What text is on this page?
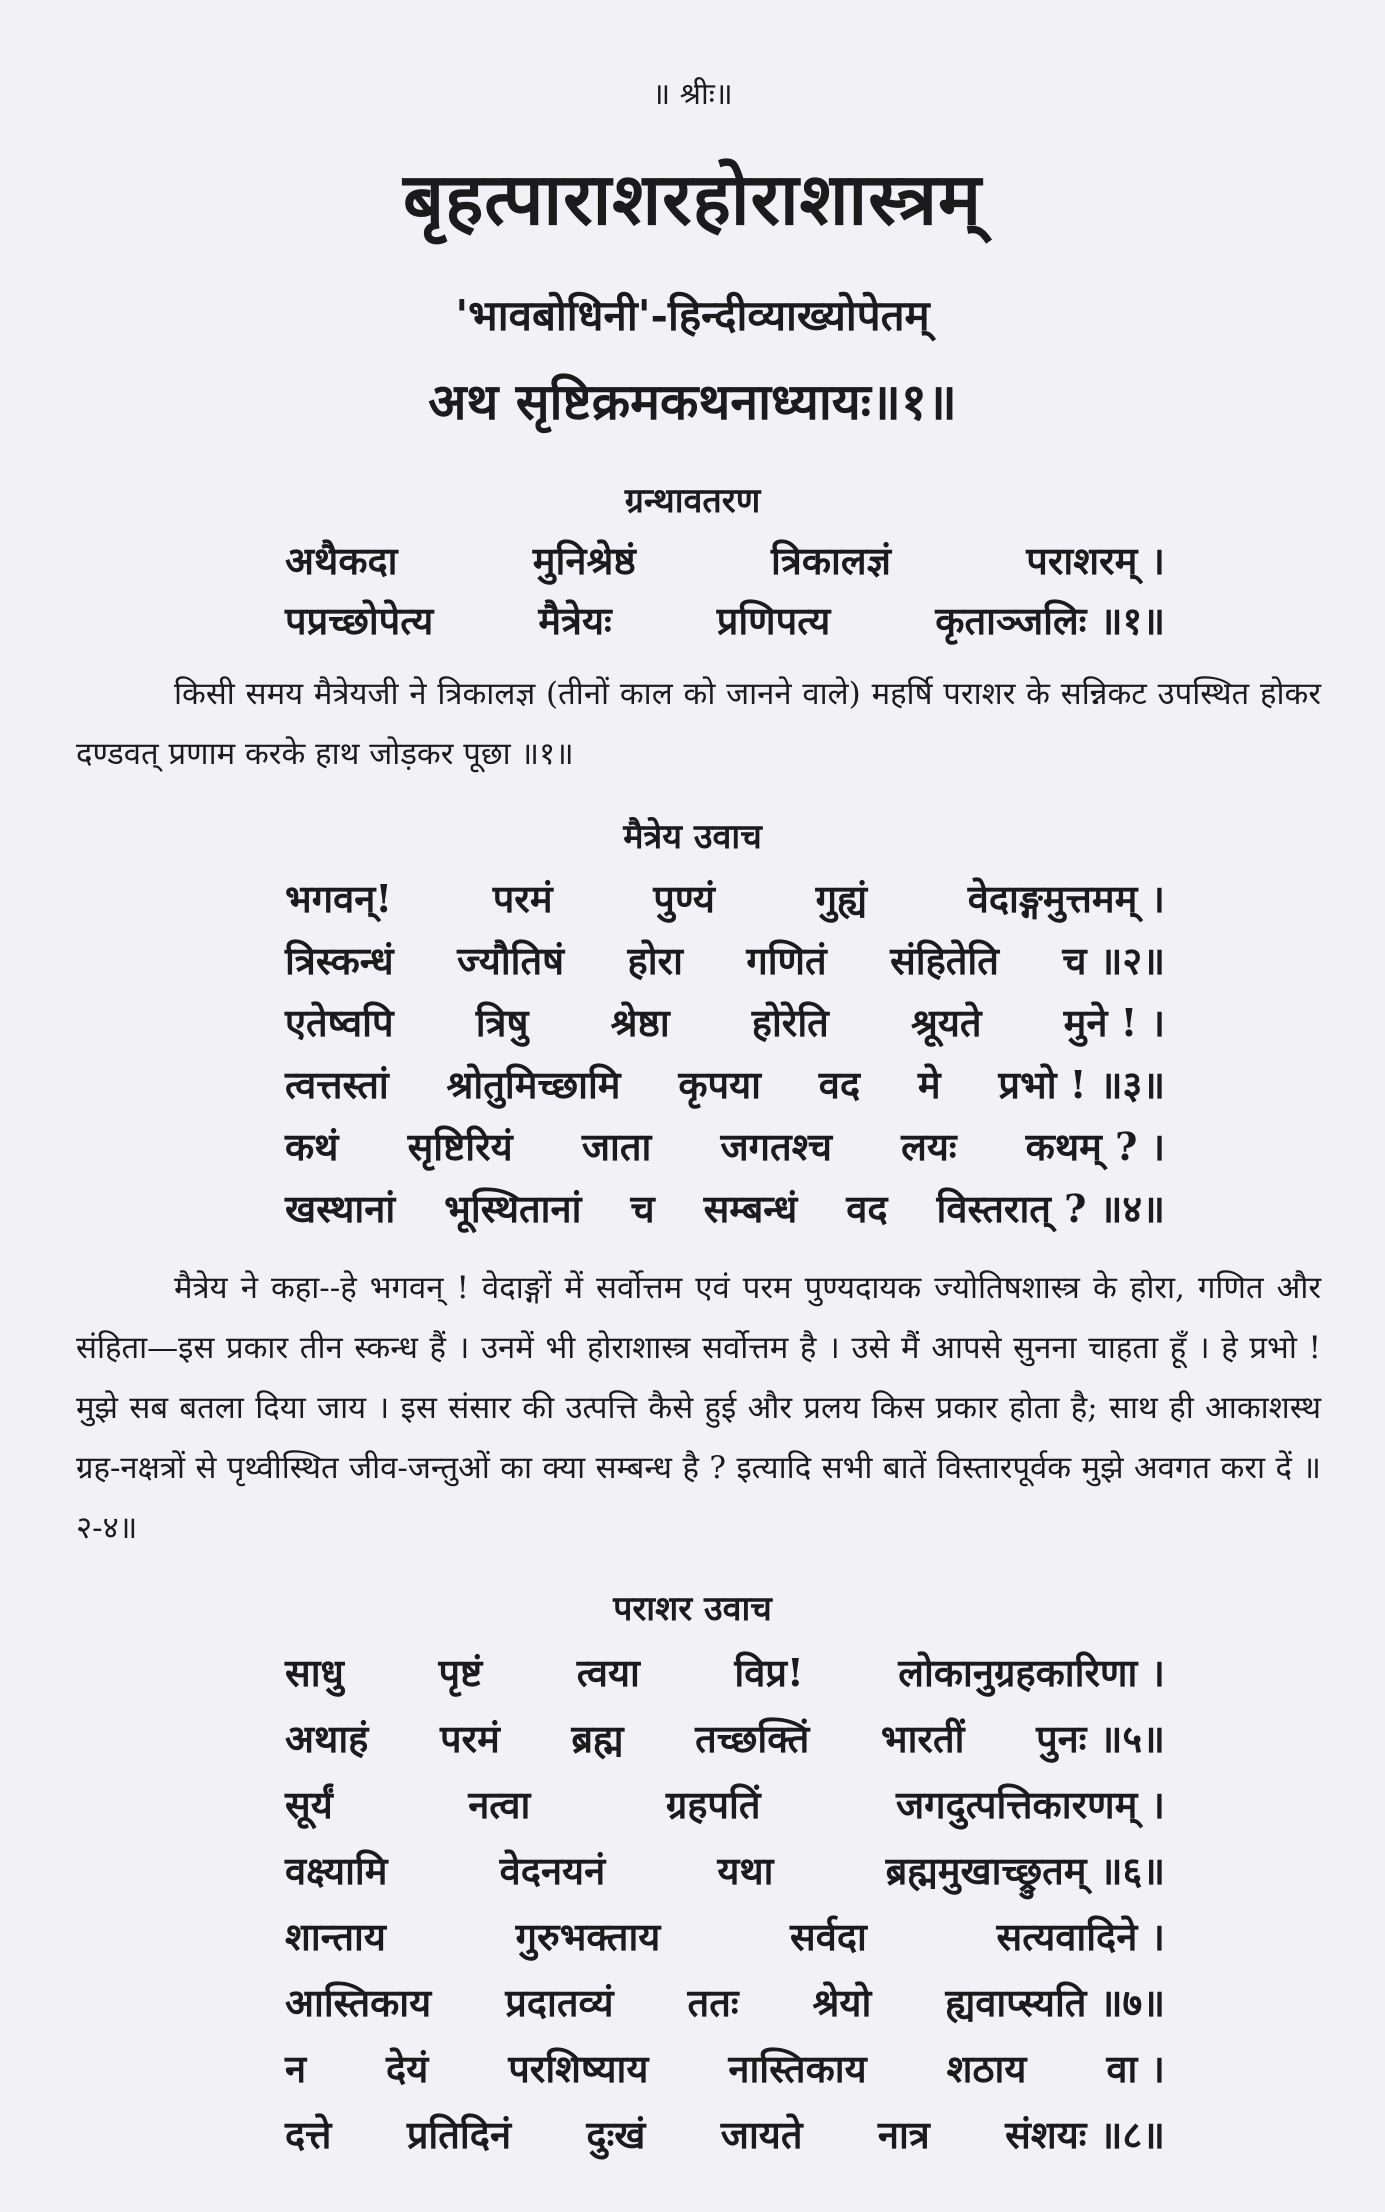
॥ श्रीः॥
बृहत्पाराशरहोराशास्त्रम्
'भावबोधिनी'-हिन्दीव्याख्योपेतम्
अथ सृष्टिक्रमकथनाध्यायः॥१॥
ग्रन्थावतरण
अथैकदा	मुनिश्रेष्ठं	त्रिकालज्ञं	पराशरम् ।
पप्रच्छोपेत्य	मैत्रेयः	प्रणिपत्य	कृताञ्जलिः ॥१॥
किसी समय मैत्रेयजी ने त्रिकालज्ञ (तीनों काल को जानने वाले) महर्षि पराशर के सन्निकट उपस्थित होकर दण्डवत् प्रणाम करके हाथ जोड़कर पूछा ॥१॥
मैत्रेय उवाच
भगवन्!	परमं	पुण्यं	गुह्यं	वेदाङ्गमुत्तमम् ।
त्रिस्कन्धं ज्यौतिषं होरा गणितं संहितेति च ॥२॥
एतेष्वपि त्रिषु श्रेष्ठा होरेति श्रूयते मुने ! ।
त्वत्तस्तां श्रोतुमिच्छामि कृपया वद मे प्रभो ! ॥३॥
कथं सृष्टिरियं जाता जगतश्च लयः कथम् ? ।
खस्थानां भूस्थितानां च सम्बन्धं वद विस्तरात् ? ॥४॥
मैत्रेय ने कहा--हे भगवन् ! वेदाङ्गों में सर्वोत्तम एवं परम पुण्यदायक ज्योतिषशास्त्र के होरा, गणित और संहिता—इस प्रकार तीन स्कन्ध हैं । उनमें भी होराशास्त्र सर्वोत्तम है । उसे मैं आपसे सुनना चाहता हूँ । हे प्रभो ! मुझे सब बतला दिया जाय । इस संसार की उत्पत्ति कैसे हुई और प्रलय किस प्रकार होता है; साथ ही आकाशस्थ ग्रह-नक्षत्रों से पृथ्वीस्थित जीव-जन्तुओं का क्या सम्बन्ध है ? इत्यादि सभी बातें विस्तारपूर्वक मुझे अवगत करा दें ॥२-४॥
पराशर उवाच
साधु पृष्टं त्वया विप्र! लोकानुग्रहकारिणा ।
अथाहं परमं ब्रह्म तच्छक्तिं भारतीं पुनः ॥५॥
सूर्यं	नत्वा	ग्रहपतिं	जगदुत्पत्तिकारणम् ।
वक्ष्यामि	वेदनयनं	यथा	ब्रह्ममुखाच्छ्रुतम् ॥६॥
शान्ताय	गुरुभक्ताय	सर्वदा	सत्यवादिने ।
आस्तिकाय प्रदातव्यं ततः श्रेयो ह्यवाप्स्यति ॥७॥
न देयं परशिष्याय नास्तिकाय शठाय वा ।
दत्ते प्रतिदिनं दुःखं जायते नात्र संशयः ॥८॥
